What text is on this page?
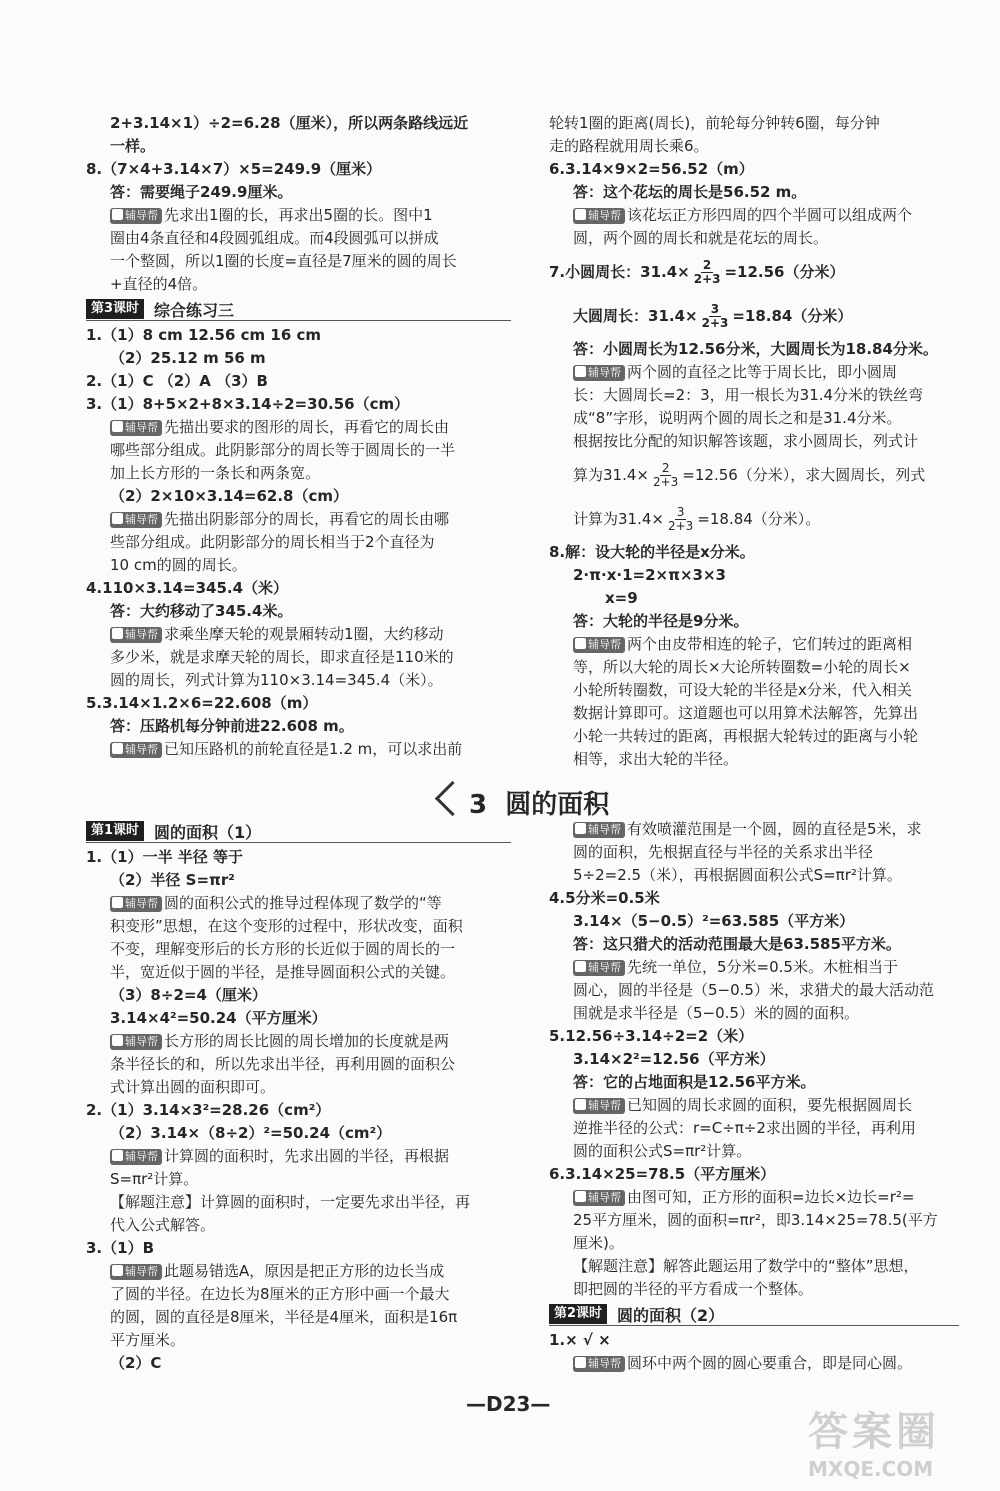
2+3.14×1）÷2=6.28（厘米），所以两条路线远近
一样。
8.（7×4+3.14×7）×5=249.9（厘米）
答：需要绳子249.9厘米。
辅导帮 先求出1圈的长，再求出5圈的长。图中1
圈由4条直径和4段圆弧组成。而4段圆弧可以拼成
一个整圆，所以1圈的长度=直径是7厘米的圆的周长
+直径的4倍。
第3课时 综合练习三
1.（1）8 cm 12.56 cm 16 cm
（2）25.12 m 56 m
2.（1）C （2）A （3）B
3.（1）8+5×2+8×3.14÷2=30.56（cm）
辅导帮 先描出要求的图形的周长，再看它的周长由
哪些部分组成。此阴影部分的周长等于圆周长的一半
加上长方形的一条长和两条宽。
（2）2×10×3.14=62.8（cm）
辅导帮 先描出阴影部分的周长，再看它的周长由哪
些部分组成。此阴影部分的周长相当于2个直径为
10 cm的圆的周长。
4.110×3.14=345.4（米）
答：大约移动了345.4米。
辅导帮 求乘坐摩天轮的观景厢转动1圈，大约移动
多少米，就是求摩天轮的周长，即求直径是110米的
圆的周长，列式计算为110×3.14=345.4（米）。
5.3.14×1.2×6=22.608（m）
答：压路机每分钟前进22.608 m。
辅导帮 已知压路机的前轮直径是1.2 m，可以求出前
轮转1圈的距离(周长)，前轮每分钟转6圈，每分钟
走的路程就用周长乘6。
6.3.14×9×2=56.52（m）
答：这个花坛的周长是56.52 m。
辅导帮 该花坛正方形四周的四个半圆可以组成两个
圆，两个圆的周长和就是花坛的周长。
7.小圆周长：$31.4\times \frac{2}{2+3} =12.56$（分米）
大圆周长：$31.4\times \frac{3}{2+3} =18.84$（分米）
答：小圆周长为12.56分米，大圆周长为18.84分米。
辅导帮 两个圆的直径之比等于周长比，即小圆周
长：大圆周长=2：3，用一根长为31.4分米的铁丝弯
成“8”字形，说明两个圆的周长之和是31.4分米。
根据按比分配的知识解答该题，求小圆周长，列式计
算为$31.4\times \frac{2}{2+3} =12.56$（分米），求大圆周长，列式
计算为$31.4\times \frac{3}{2+3} =18.84$（分米）。
8.解：设大轮的半径是x分米。
2·π·x·1=2×π×3×3
x=9
答：大轮的半径是9分米。
辅导帮 两个由皮带相连的轮子，它们转过的距离相
等，所以大轮的周长×大论所转圈数=小轮的周长×
小轮所转圈数，可设大轮的半径是x分米，代入相关
数据计算即可。这道题也可以用算术法解答，先算出
小轮一共转过的距离，再根据大轮转过的距离与小轮
相等，求出大轮的半径。
3 圆的面积
第1课时 圆的面积（1）
1.（1）一半 半径 等于
（2）半径 S=πr²
辅导帮 圆的面积公式的推导过程体现了数学的“等
积变形”思想，在这个变形的过程中，形状改变，面积
不变，理解变形后的长方形的长近似于圆的周长的一
半，宽近似于圆的半径，是推导圆面积公式的关键。
（3）8÷2=4（厘米）
3.14×4²=50.24（平方厘米）
辅导帮 长方形的周长比圆的周长增加的长度就是两
条半径长的和，所以先求出半径，再利用圆的面积公
式计算出圆的面积即可。
2.（1）3.14×3²=28.26（cm²）
（2）3.14×（8÷2）²=50.24（cm²）
辅导帮 计算圆的面积时，先求出圆的半径，再根据
S=πr²计算。
【解题注意】计算圆的面积时，一定要先求出半径，再
代入公式解答。
3.（1）B
辅导帮 此题易错选A，原因是把正方形的边长当成
了圆的半径。在边长为8厘米的正方形中画一个最大
的圆，圆的直径是8厘米，半径是4厘米，面积是16π
平方厘米。
（2）C
辅导帮 有效喷灌范围是一个圆，圆的直径是5米，求
圆的面积，先根据直径与半径的关系求出半径
5÷2=2.5（米），再根据圆面积公式S=πr²计算。
4.5分米=0.5米
3.14×（5−0.5）²=63.585（平方米）
答：这只猎犬的活动范围最大是63.585平方米。
辅导帮 先统一单位，5分米=0.5米。木桩相当于
圆心，圆的半径是（5−0.5）米，求猎犬的最大活动范
围就是求半径是（5−0.5）米的圆的面积。
5.12.56÷3.14÷2=2（米）
3.14×2²=12.56（平方米）
答：它的占地面积是12.56平方米。
辅导帮 已知圆的周长求圆的面积，要先根据圆周长
逆推半径的公式：r=C÷π÷2求出圆的半径，再利用
圆的面积公式S=πr²计算。
6.3.14×25=78.5（平方厘米）
辅导帮 由图可知，正方形的面积=边长×边长=r²=
25平方厘米，圆的面积=πr²，即3.14×25=78.5(平方
厘米)。
【解题注意】解答此题运用了数学中的“整体”思想，
即把圆的半径的平方看成一个整体。
第2课时 圆的面积（2）
1.× √ ×
辅导帮 圆环中两个圆的圆心要重合，即是同心圆。
—D23—
答案圈
MXQE.COM
